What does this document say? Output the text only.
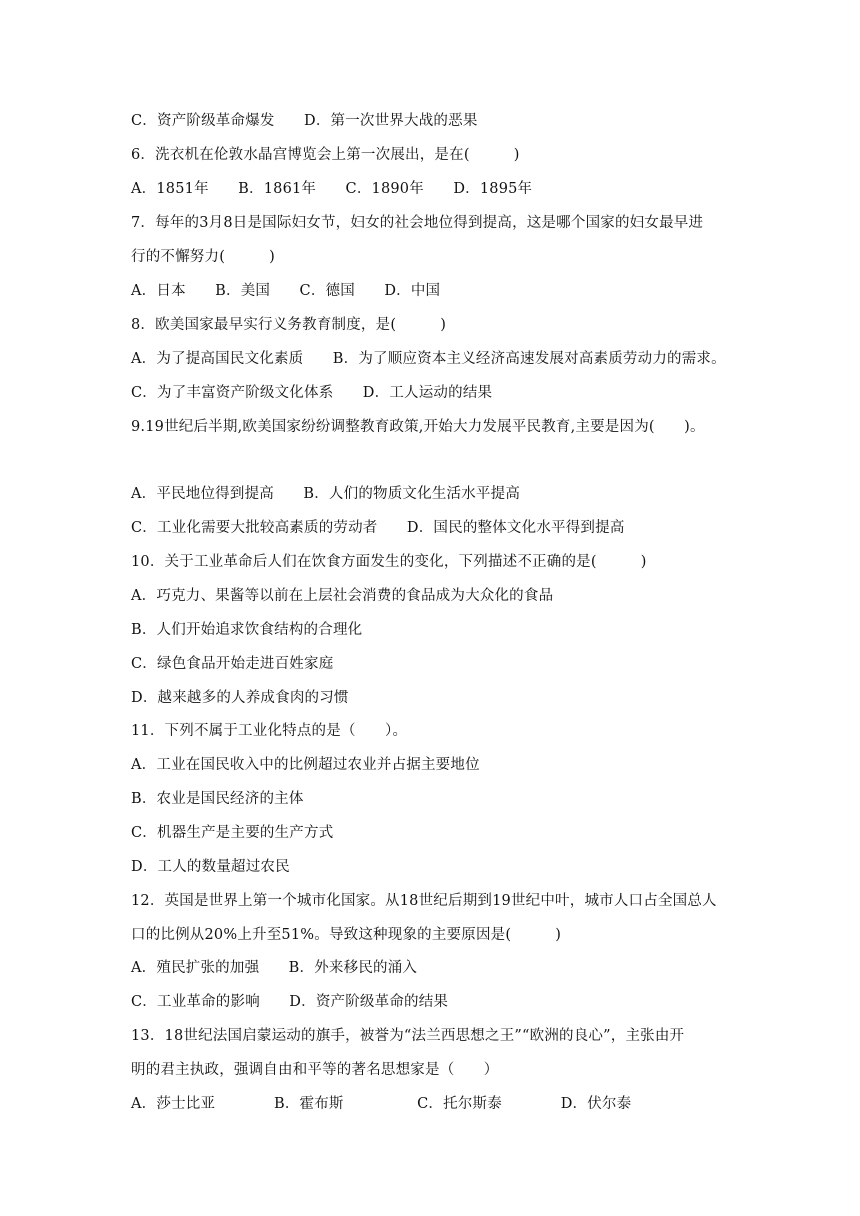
C．资产阶级革命爆发　　D．第一次世界大战的恶果
6．洗衣机在伦敦水晶宫博览会上第一次展出，是在(　　　)
A．1851年　　B．1861年　　C．1890年　　D．1895年
7．每年的3月8日是国际妇女节，妇女的社会地位得到提高，这是哪个国家的妇女最早进
行的不懈努力(　　　)
A．日本　　B．美国　　C．德国　　D．中国
8．欧美国家最早实行义务教育制度，是(　　　)
A．为了提高国民文化素质　　B．为了顺应资本主义经济高速发展对高素质劳动力的需求。
C．为了丰富资产阶级文化体系　　D．工人运动的结果
9.19世纪后半期,欧美国家纷纷调整教育政策,开始大力发展平民教育,主要是因为(　　)。
A．平民地位得到提高　　B．人们的物质文化生活水平提高
C．工业化需要大批较高素质的劳动者　　D．国民的整体文化水平得到提高
10．关于工业革命后人们在饮食方面发生的变化，下列描述不正确的是(　　　)
A．巧克力、果酱等以前在上层社会消费的食品成为大众化的食品
B．人们开始追求饮食结构的合理化
C．绿色食品开始走进百姓家庭
D．越来越多的人养成食肉的习惯
11．下列不属于工业化特点的是（　　）。
A．工业在国民收入中的比例超过农业并占据主要地位
B．农业是国民经济的主体
C．机器生产是主要的生产方式
D．工人的数量超过农民
12．英国是世界上第一个城市化国家。从18世纪后期到19世纪中叶，城市人口占全国总人
口的比例从20%上升至51%。导致这种现象的主要原因是(　　　)
A．殖民扩张的加强　　B．外来移民的涌入
C．工业革命的影响　　D．资产阶级革命的结果
13．18世纪法国启蒙运动的旗手，被誉为“法兰西思想之王”“欧洲的良心”，主张由开
明的君主执政，强调自由和平等的著名思想家是（　　）
A．莎士比亚　　　　B．霍布斯　　　　　C．托尔斯泰　　　　D．伏尔泰
